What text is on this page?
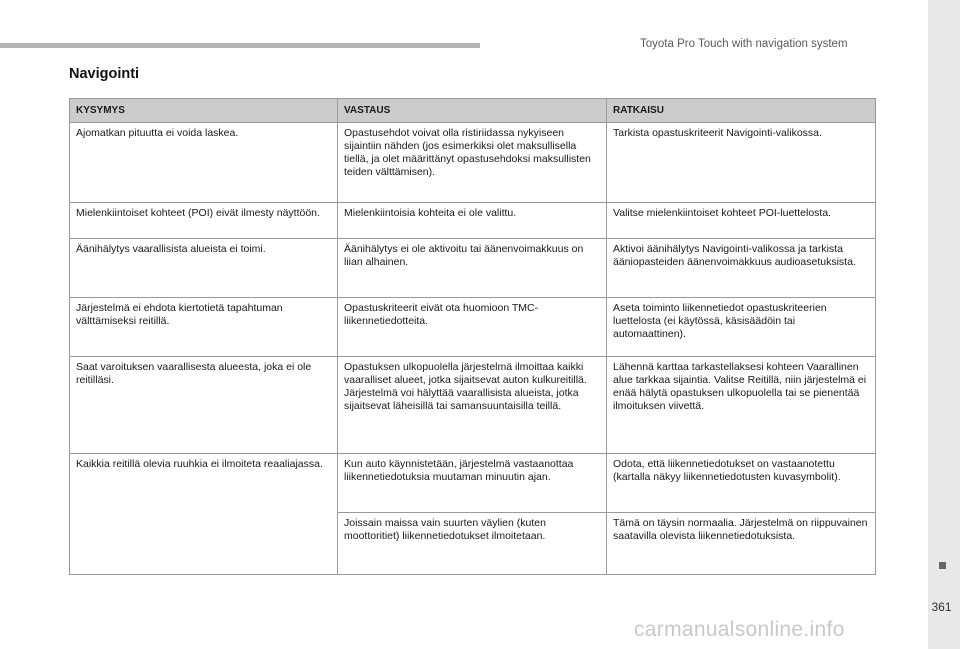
Toyota Pro Touch with navigation system
361
Navigointi
KYSYMYS	VASTAUS	RATKAISU
Ajomatkan pituutta ei voida laskea.	Opastusehdot voivat olla ristiriidassa nykyiseen sijaintiin nähden (jos esimerkiksi olet maksullisella tiellä, ja olet määrittänyt opastusehdoksi maksullisten teiden välttämisen).	Tarkista opastuskriteerit Navigointi-valikossa.
Mielenkiintoiset kohteet (POI) eivät ilmesty näyttöön.	Mielenkiintoisia kohteita ei ole valittu.	Valitse mielenkiintoiset kohteet POI-luettelosta.
Äänihälytys vaarallisista alueista ei toimi.	Äänihälytys ei ole aktivoitu tai äänenvoimakkuus on liian alhainen.	Aktivoi äänihälytys Navigointi-valikossa ja tarkista ääniopasteiden äänenvoimakkuus audioasetuksista.
Järjestelmä ei ehdota kiertotietä tapahtuman välttämiseksi reitillä.	Opastuskriteerit eivät ota huomioon TMC-liikennetiedotteita.	Aseta toiminto liikennetiedot opastuskriteerien luettelosta (ei käytössä, käsisäädöin tai automaattinen).
Saat varoituksen vaarallisesta alueesta, joka ei ole reitilläsi.	Opastuksen ulkopuolella järjestelmä ilmoittaa kaikki vaaralliset alueet, jotka sijaitsevat auton kulkureitillä. Järjestelmä voi hälyttää vaarallisista alueista, jotka sijaitsevat läheisillä tai samansuuntaisilla teillä.	Lähennä karttaa tarkastellaksesi kohteen Vaarallinen alue tarkkaa sijaintia. Valitse Reitillä, niin järjestelmä ei enää hälytä opastuksen ulkopuolella tai se pienentää ilmoituksen viivettä.
Kaikkia reitillä olevia ruuhkia ei ilmoiteta reaaliajassa.	Kun auto käynnistetään, järjestelmä vastaanottaa liikennetiedotuksia muutaman minuutin ajan.	Odota, että liikennetiedotukset on vastaanotettu (kartalla näkyy liikennetiedotusten kuvasymbolit).
	Joissain maissa vain suurten väylien (kuten moottoritiet) liikennetiedotukset ilmoitetaan.	Tämä on täysin normaalia. Järjestelmä on riippuvainen saatavilla olevista liikennetiedotuksista.
carmanualsonline.info
